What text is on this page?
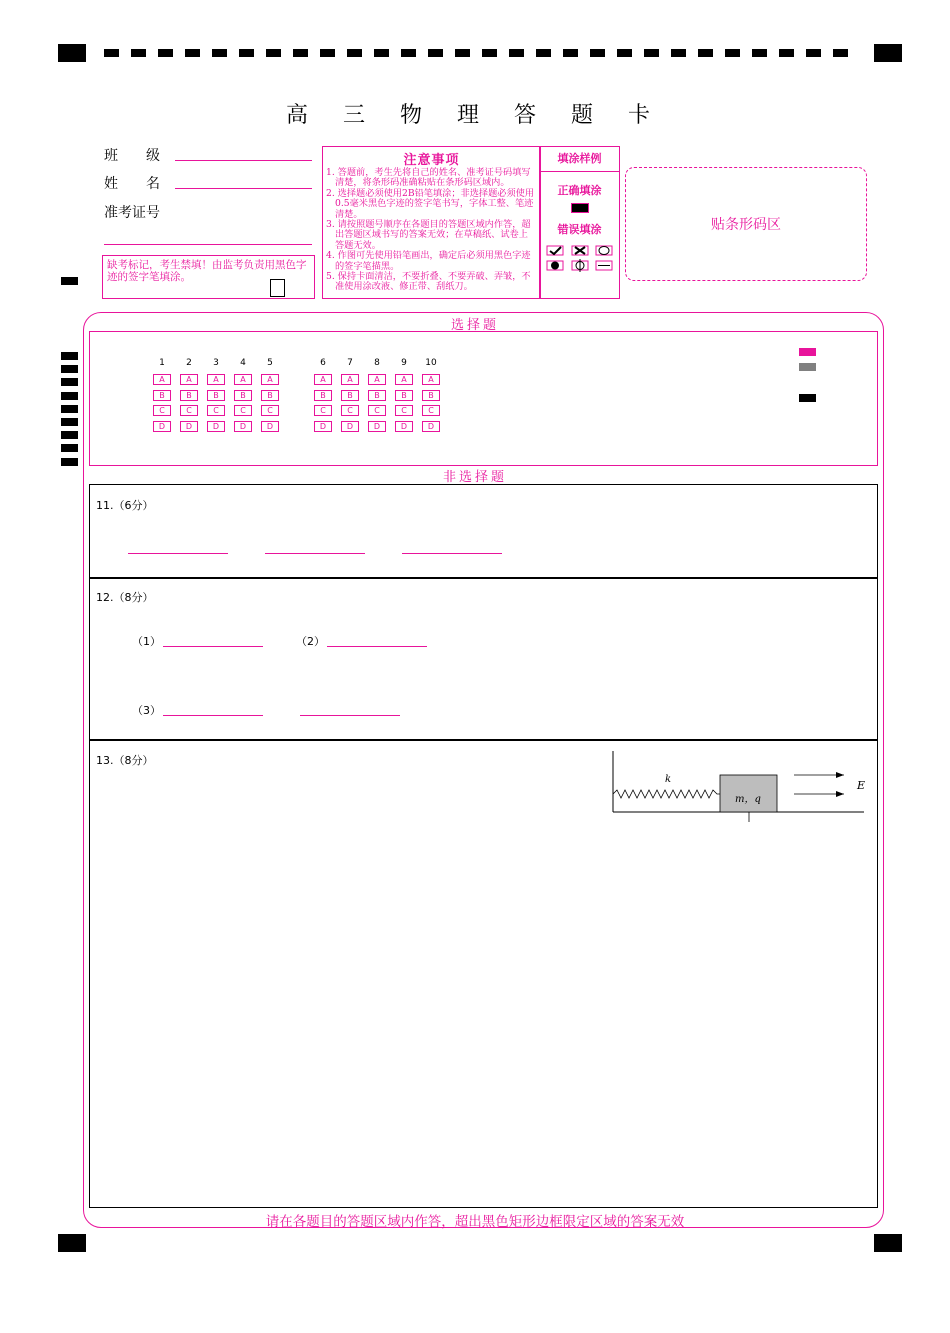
高 三 物 理 答 题 卡
班　　级
姓　　名
准考证号
缺考标记，考生禁填！由监考负责用黑色字迹的签字笔填涂。
注意事项
1. 答题前，考生先将自己的姓名、准考证号码填写清楚，将条形码准确粘贴在条形码区域内。
2. 选择题必须使用2B铅笔填涂；非选择题必须使用0.5毫米黑色字迹的签字笔书写，字体工整、笔迹清楚。
3. 请按照题号顺序在各题目的答题区域内作答，超出答题区域书写的答案无效；在草稿纸、试卷上答题无效。
4. 作图可先使用铅笔画出，确定后必须用黑色字迹的签字笔描黑。
5. 保持卡面清洁，不要折叠、不要弄破、弄皱，不准使用涂改液、修正带、刮纸刀。
填涂样例
正确填涂
错误填涂	贴条形码区
选择题
1
A
B
C
D
2
A
B
C
D
3
A
B
C
D
4
A
B
C
D
5
A
B
C
D
6
A
B
C
D
7
A
B
C
D
8
A
B
C
D
9
A
B
C
D
10
A
B
C
D
非选择题
11.（6分）
12.（8分）
（1）	（2）
（3）
13.（8分）
k
m，q
E
请在各题目的答题区域内作答，超出黑色矩形边框限定区域的答案无效
